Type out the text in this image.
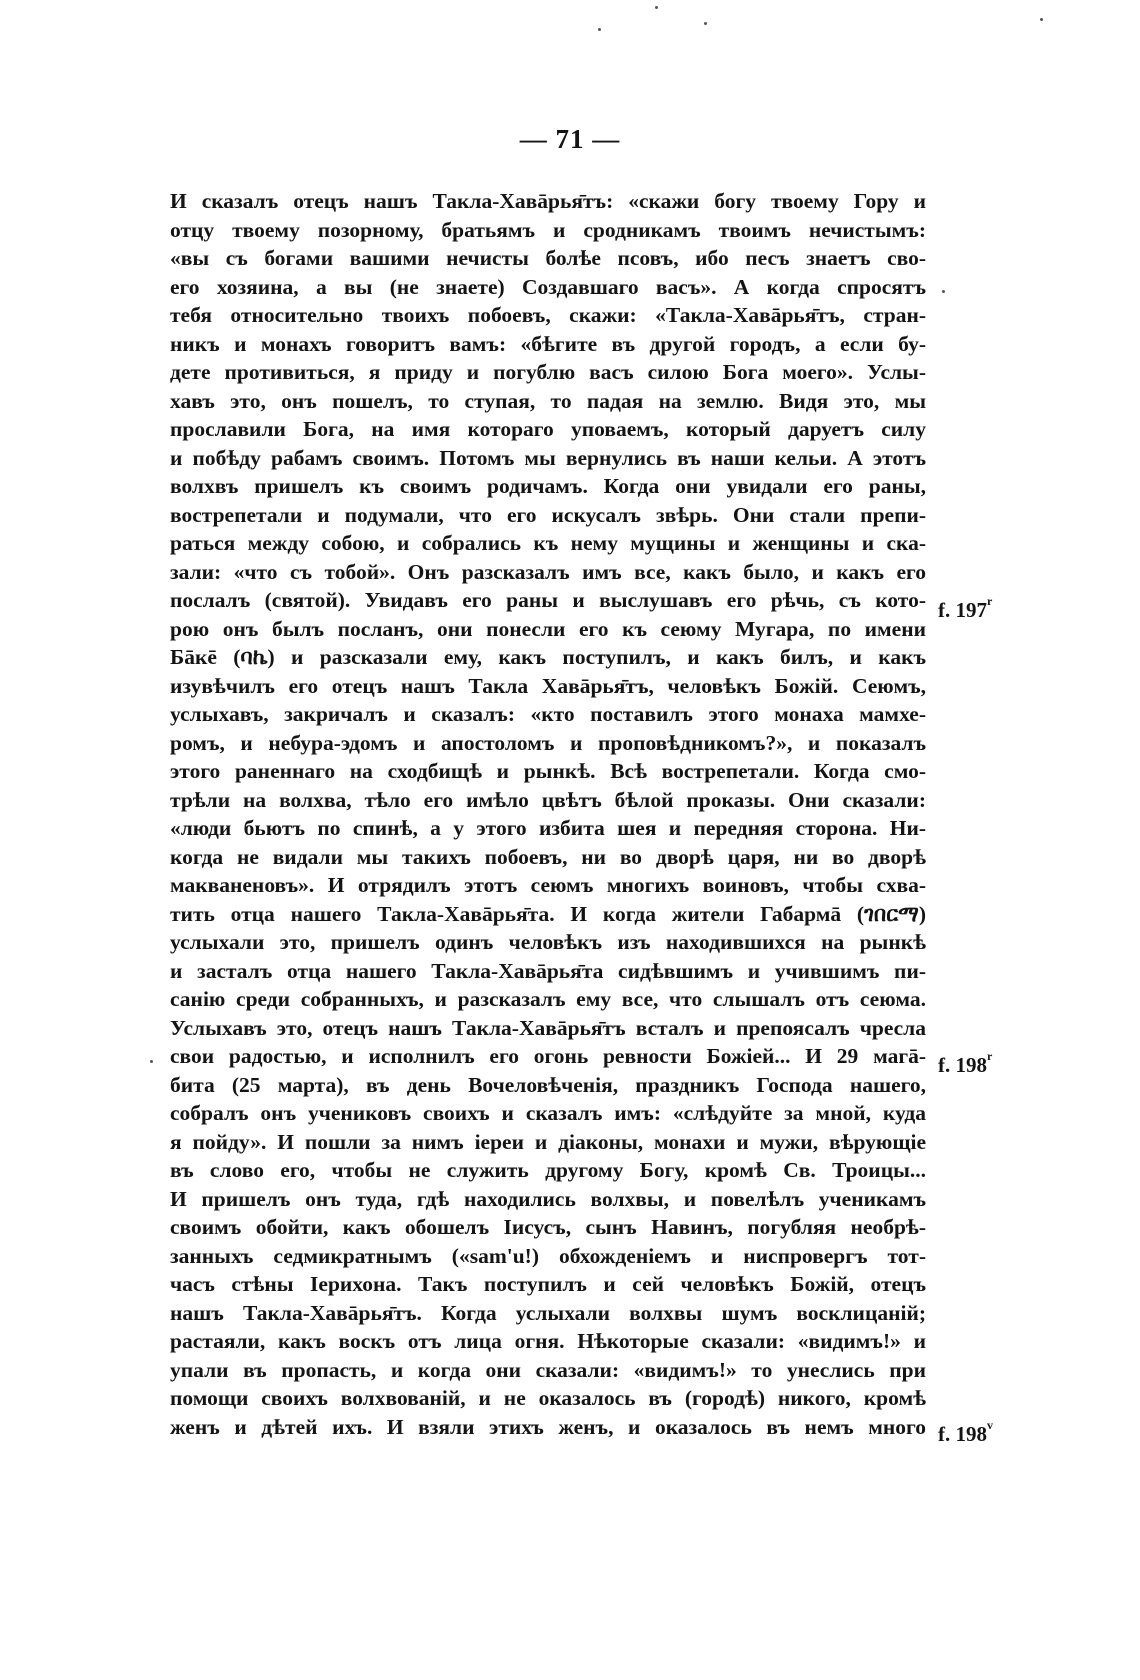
— 71 —
И сказалъ отецъ нашъ Такла-Хавāрья̄тъ: «скажи богу твоему Гору и
отцу твоему позорному, братьямъ и сродникамъ твоимъ нечистымъ:
«вы съ богами вашими нечисты болѣе псовъ, ибо песъ знаетъ сво-
его хозяина, а вы (не знаете) Создавшаго васъ». А когда спросятъ
тебя относительно твоихъ побоевъ, скажи: «Такла-Хавāрья̄тъ, стран-
никъ и монахъ говоритъ вамъ: «бѣгите въ другой городъ, а если бу-
дете противиться, я приду и погублю васъ силою Бога моего». Услы-
хавъ это, онъ пошелъ, то ступая, то падая на землю. Видя это, мы
прославили Бога, на имя котораго уповаемъ, который даруетъ силу
и побѣду рабамъ своимъ. Потомъ мы вернулись въ наши кельи. А этотъ
волхвъ пришелъ къ своимъ родичамъ. Когда они увидали его раны,
вострепетали и подумали, что его искусалъ звѣрь. Они стали препи-
раться между собою, и собрались къ нему мущины и женщины и ска-
зали: «что съ тобой». Онъ разсказалъ имъ все, какъ было, и какъ его
послалъ (святой). Увидавъ его раны и выслушавъ его рѣчь, съ кото-
рою онъ былъ посланъ, они понесли его къ сеюму Мугара, по имени
Бāкē (ባኬ) и разсказали ему, какъ поступилъ, и какъ билъ, и какъ
изувѣчилъ его отецъ нашъ Такла Хавāрья̄тъ, человѣкъ Божій. Сеюмъ,
услыхавъ, закричалъ и сказалъ: «кто поставилъ этого монаха мамхе-
ромъ, и небура-эдомъ и апостоломъ и проповѣдникомъ?», и показалъ
этого раненнаго на сходбищѣ и рынкѣ. Всѣ вострепетали. Когда смо-
трѣли на волхва, тѣло его имѣло цвѣтъ бѣлой проказы. Они сказали:
«люди бьютъ по спинѣ, а у этого избита шея и передняя сторона. Ни-
когда не видали мы такихъ побоевъ, ни во дворѣ царя, ни во дворѣ
макваненовъ». И отрядилъ этотъ сеюмъ многихъ воиновъ, чтобы схва-
тить отца нашего Такла-Хавāрья̄та. И когда жители Габармā (ገበርማ)
услыхали это, пришелъ одинъ человѣкъ изъ находившихся на рынкѣ
и засталъ отца нашего Такла-Хавāрья̄та сидѣвшимъ и учившимъ пи-
санію среди собранныхъ, и разсказалъ ему все, что слышалъ отъ сеюма.
Услыхавъ это, отецъ нашъ Такла-Хавāрья̄тъ всталъ и препоясалъ чресла
свои радостью, и исполнилъ его огонь ревности Божіей... И 29 магā-
бита (25 марта), въ день Вочеловѣченія, праздникъ Господа нашего,
собралъ онъ учениковъ своихъ и сказалъ имъ: «слѣдуйте за мной, куда
я пойду». И пошли за нимъ іереи и діаконы, монахи и мужи, вѣрующіе
въ слово его, чтобы не служить другому Богу, кромѣ Св. Троицы...
И пришелъ онъ туда, гдѣ находились волхвы, и повелѣлъ ученикамъ
своимъ обойти, какъ обошелъ Іисусъ, сынъ Навинъ, погубляя необрѣ-
занныхъ седмикратнымъ («sam'u!) обхожденіемъ и ниспровергъ тот-
часъ стѣны Іерихона. Такъ поступилъ и сей человѣкъ Божій, отецъ
нашъ Такла-Хавāрья̄тъ. Когда услыхали волхвы шумъ восклицаній;
растаяли, какъ воскъ отъ лица огня. Нѣкоторые сказали: «видимъ!» и
упали въ пропасть, и когда они сказали: «видимъ!» то унеслись при
помощи своихъ волхвованій, и не оказалось въ (городѣ) никого, кромѣ
женъ и дѣтей ихъ. И взяли этихъ женъ, и оказалось въ немъ много
f. 197$^r$
f. 198$^r$
f. 198$^v$
